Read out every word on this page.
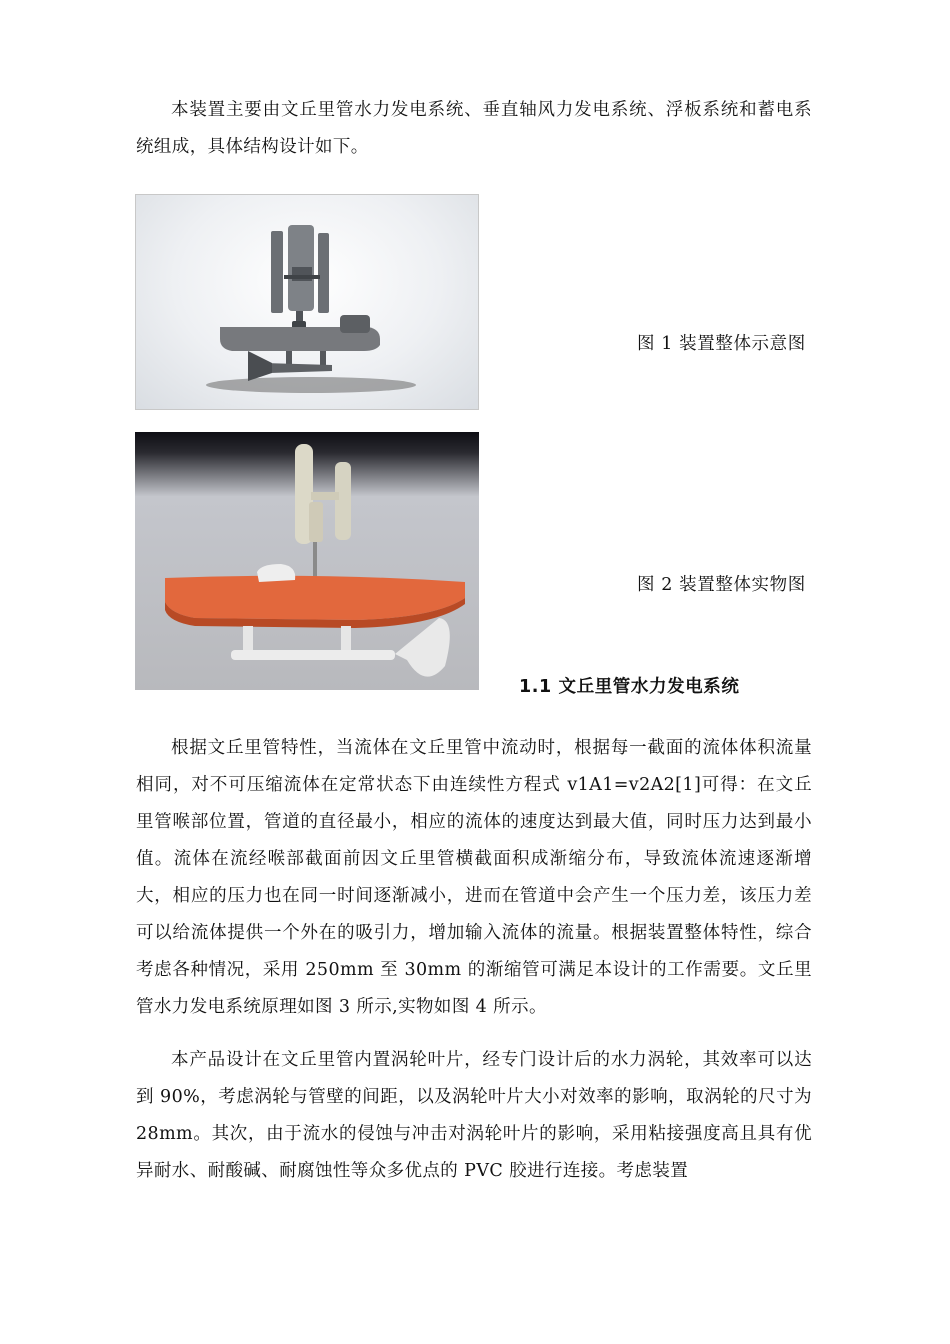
本装置主要由文丘里管水力发电系统、垂直轴风力发电系统、浮板系统和蓄电系统组成，具体结构设计如下。

图 1 装置整体示意图
图 2 装置整体实物图
1.1 文丘里管水力发电系统

根据文丘里管特性，当流体在文丘里管中流动时，根据每一截面的流体体积流量相同，对不可压缩流体在定常状态下由连续性方程式 v1A1=v2A2[1]可得：在文丘里管喉部位置，管道的直径最小，相应的流体的速度达到最大值，同时压力达到最小值。流体在流经喉部截面前因文丘里管横截面积成渐缩分布，导致流体流速逐渐增大，相应的压力也在同一时间逐渐减小，进而在管道中会产生一个压力差，该压力差可以给流体提供一个外在的吸引力，增加输入流体的流量。根据装置整体特性，综合考虑各种情况，采用 250mm 至 30mm 的渐缩管可满足本设计的工作需要。文丘里管水力发电系统原理如图 3 所示,实物如图 4 所示。

本产品设计在文丘里管内置涡轮叶片，经专门设计后的水力涡轮，其效率可以达到 90%，考虑涡轮与管壁的间距，以及涡轮叶片大小对效率的影响，取涡轮的尺寸为 28mm。其次，由于流水的侵蚀与冲击对涡轮叶片的影响，采用粘接强度高且具有优异耐水、耐酸碱、耐腐蚀性等众多优点的 PVC 胶进行连接。考虑装置
